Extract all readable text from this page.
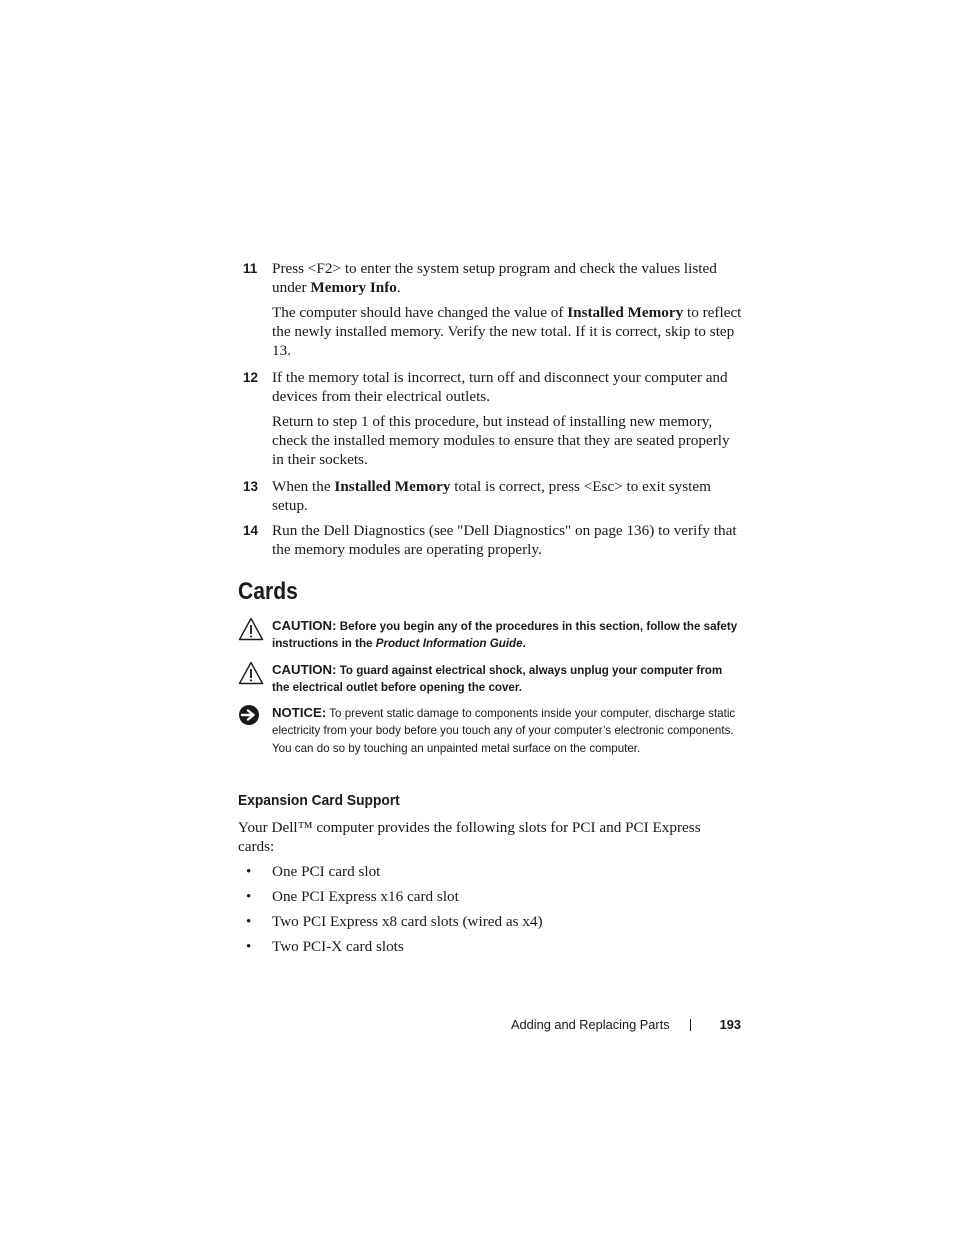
11 Press <F2> to enter the system setup program and check the values listed under Memory Info.

The computer should have changed the value of Installed Memory to reflect the newly installed memory. Verify the new total. If it is correct, skip to step 13.

12 If the memory total is incorrect, turn off and disconnect your computer and devices from their electrical outlets.

Return to step 1 of this procedure, but instead of installing new memory, check the installed memory modules to ensure that they are seated properly in their sockets.

13 When the Installed Memory total is correct, press <Esc> to exit system setup.

14 Run the Dell Diagnostics (see "Dell Diagnostics" on page 136) to verify that the memory modules are operating properly.

Cards
CAUTION: Before you begin any of the procedures in this section, follow the safety instructions in the Product Information Guide.
CAUTION: To guard against electrical shock, always unplug your computer from the electrical outlet before opening the cover.
NOTICE: To prevent static damage to components inside your computer, discharge static electricity from your body before you touch any of your computer’s electronic components. You can do so by touching an unpainted metal surface on the computer.
Expansion Card Support

Your Dell™ computer provides the following slots for PCI and PCI Express cards:

• One PCI card slot
• One PCI Express x16 card slot
• Two PCI Express x8 card slots (wired as x4)
• Two PCI-X card slots
Adding and Replacing Parts	193
